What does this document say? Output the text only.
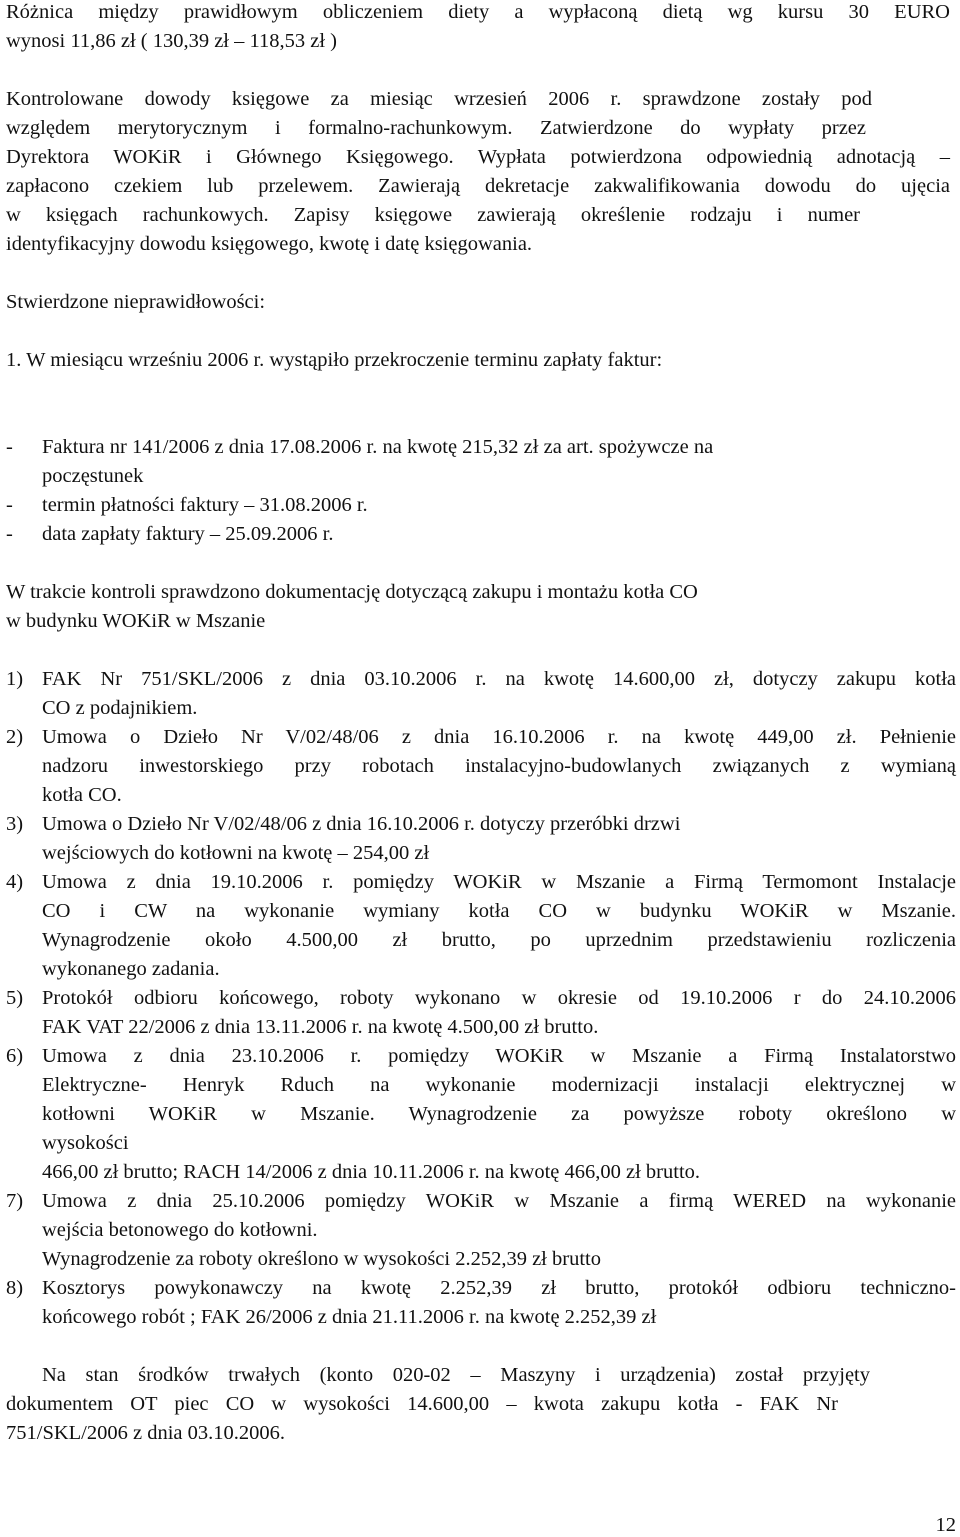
Różnica między prawidłowym obliczeniem diety a wypłaconą dietą wg kursu 30 EURO
wynosi 11,86 zł ( 130,39 zł – 118,53 zł )
Kontrolowane dowody księgowe za miesiąc wrzesień 2006 r. sprawdzone zostały pod
względem merytorycznym i formalno-rachunkowym. Zatwierdzone do wypłaty przez
Dyrektora WOKiR i Głównego Księgowego. Wypłata potwierdzona odpowiednią adnotacją –
zapłacono czekiem lub przelewem. Zawierają dekretacje zakwalifikowania dowodu do ujęcia
w księgach rachunkowych. Zapisy księgowe zawierają określenie rodzaju i numer
identyfikacyjny dowodu księgowego, kwotę i datę księgowania.
Stwierdzone nieprawidłowości:
1. W miesiącu wrześniu 2006 r. wystąpiło przekroczenie terminu zapłaty faktur:
- Faktura nr 141/2006 z dnia 17.08.2006 r. na kwotę 215,32 zł za art. spożywcze na
poczęstunek
- termin płatności faktury – 31.08.2006 r.
- data zapłaty faktury – 25.09.2006 r.
W trakcie kontroli sprawdzono dokumentację dotyczącą zakupu i montażu kotła CO
w budynku WOKiR w Mszanie
1) FAK Nr 751/SKL/2006 z dnia 03.10.2006 r. na kwotę 14.600,00 zł, dotyczy zakupu kotła
CO z podajnikiem.
2) Umowa o Dzieło Nr V/02/48/06 z dnia 16.10.2006 r. na kwotę 449,00 zł. Pełnienie
nadzoru inwestorskiego przy robotach instalacyjno-budowlanych związanych z wymianą
kotła CO.
3) Umowa o Dzieło Nr V/02/48/06 z dnia 16.10.2006 r. dotyczy przeróbki drzwi
wejściowych do kotłowni na kwotę – 254,00 zł
4) Umowa z dnia 19.10.2006 r. pomiędzy WOKiR w Mszanie a Firmą Termomont Instalacje
CO i CW na wykonanie wymiany kotła CO w budynku WOKiR w Mszanie.
Wynagrodzenie około 4.500,00 zł brutto, po uprzednim przedstawieniu rozliczenia
wykonanego zadania.
5) Protokół odbioru końcowego, roboty wykonano w okresie od 19.10.2006 r do 24.10.2006
FAK VAT 22/2006 z dnia 13.11.2006 r. na kwotę 4.500,00 zł brutto.
6) Umowa z dnia 23.10.2006 r. pomiędzy WOKiR w Mszanie a Firmą Instalatorstwo
Elektryczne- Henryk Rduch na wykonanie modernizacji instalacji elektrycznej w
kotłowni WOKiR w Mszanie. Wynagrodzenie za powyższe roboty określono w
wysokości
466,00 zł brutto; RACH 14/2006 z dnia 10.11.2006 r. na kwotę 466,00 zł brutto.
7) Umowa z dnia 25.10.2006 pomiędzy WOKiR w Mszanie a firmą WERED na wykonanie
wejścia betonowego do kotłowni.
Wynagrodzenie za roboty określono w wysokości 2.252,39 zł brutto
8) Kosztorys powykonawczy na kwotę 2.252,39 zł brutto, protokół odbioru techniczno-
końcowego robót ; FAK 26/2006 z dnia 21.11.2006 r. na kwotę 2.252,39 zł
Na stan środków trwałych (konto 020-02 – Maszyny i urządzenia) został przyjęty
dokumentem OT piec CO w wysokości 14.600,00 – kwota zakupu kotła - FAK Nr
751/SKL/2006 z dnia 03.10.2006.
12
